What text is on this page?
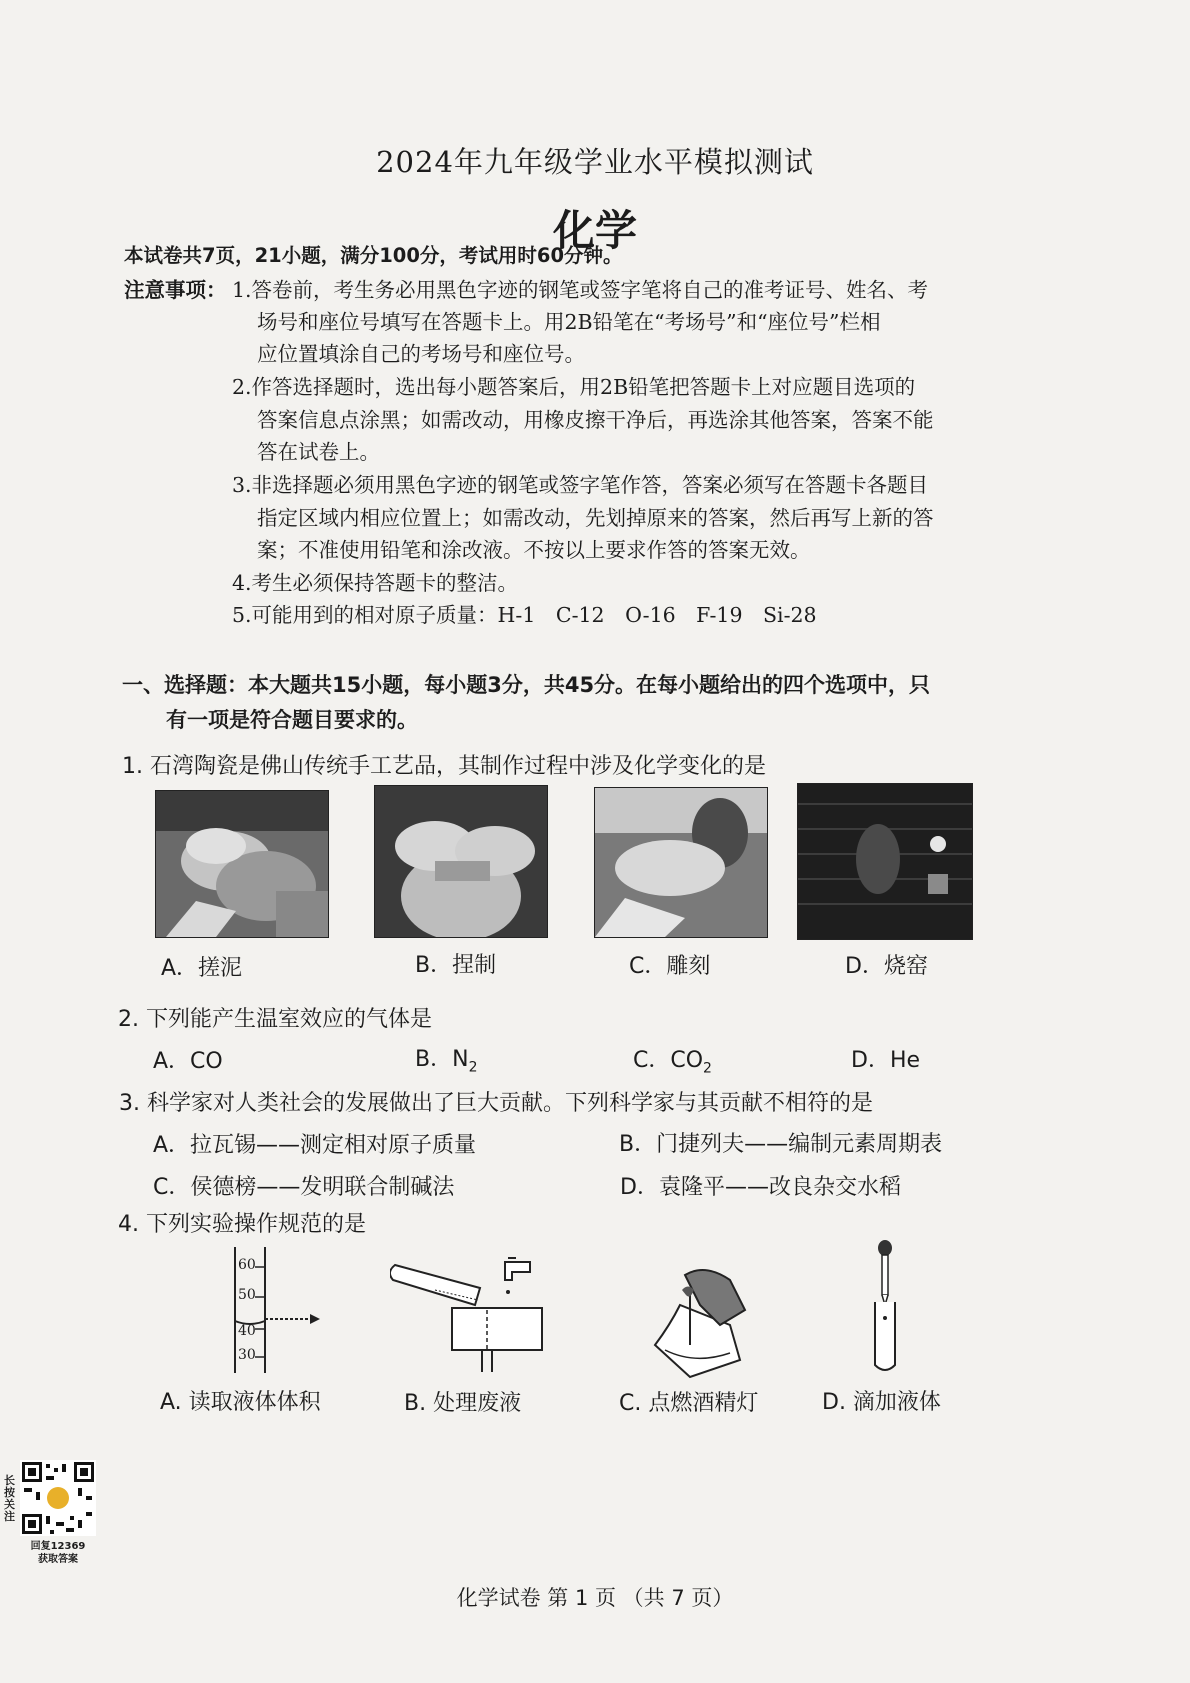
2024年九年级学业水平模拟测试
化学
本试卷共7页，21小题，满分100分，考试用时60分钟。
注意事项： 1.答卷前，考生务必用黑色字迹的钢笔或签字笔将自己的准考证号、姓名、考
场号和座位号填写在答题卡上。用2B铅笔在“考场号”和“座位号”栏相
应位置填涂自己的考场号和座位号。
2.作答选择题时，选出每小题答案后，用2B铅笔把答题卡上对应题目选项的
答案信息点涂黑；如需改动，用橡皮擦干净后，再选涂其他答案，答案不能
答在试卷上。
3.非选择题必须用黑色字迹的钢笔或签字笔作答，答案必须写在答题卡各题目
指定区域内相应位置上；如需改动，先划掉原来的答案，然后再写上新的答
案；不准使用铅笔和涂改液。不按以上要求作答的答案无效。
4.考生必须保持答题卡的整洁。
5.可能用到的相对原子质量：H-1　C-12　O-16　F-19　Si-28
一、选择题：本大题共15小题，每小题3分，共45分。在每小题给出的四个选项中，只
有一项是符合题目要求的。
1. 石湾陶瓷是佛山传统手工艺品，其制作过程中涉及化学变化的是
A．搓泥	B．捏制	C．雕刻	D．烧窑
2. 下列能产生温室效应的气体是
A．CO	B．$N_2$	C．$CO_2$	D．He
3. 科学家对人类社会的发展做出了巨大贡献。下列科学家与其贡献不相符的是
A．拉瓦锡——测定相对原子质量	B．门捷列夫——编制元素周期表
C．侯德榜——发明联合制碱法	D．袁隆平——改良杂交水稻
4. 下列实验操作规范的是
60
50
40
30
A. 读取液体体积	B. 处理废液	C. 点燃酒精灯	D. 滴加液体
化学试卷 第 1 页 （共 7 页）
长
按
关
注
回复12369
获取答案
